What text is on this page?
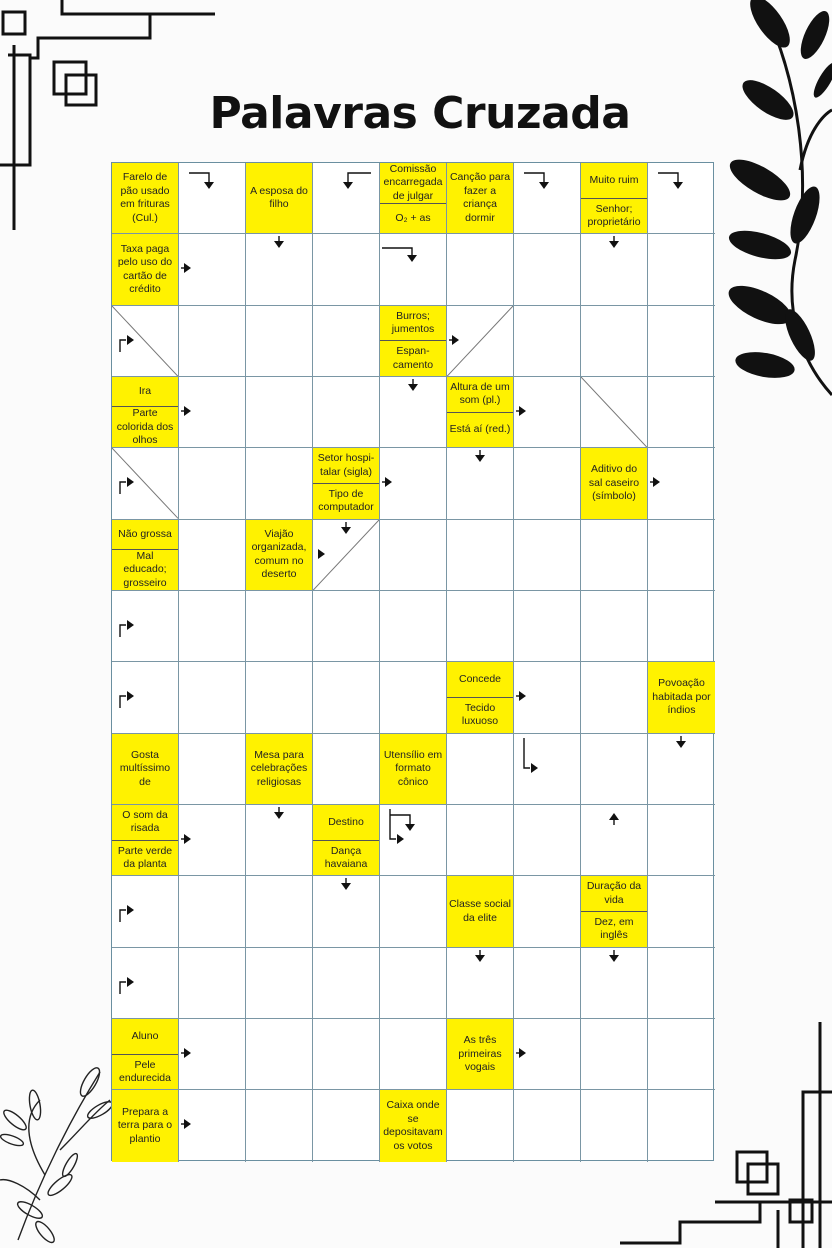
Palavras Cruzada
Farelo de pão usado em frituras (Cul.)
A esposa do filho
Comissão encarregada de julgar
O₂ + as
Canção para fazer a criança dormir
Muito ruim
Senhor; proprietário
Taxa paga pelo uso do cartão de crédito
Burros; jumentos
Espan-camento
Ira
Parte colorida dos olhos
Altura de um som (pl.)
Está aí (red.)
Setor hospi-talar (sigla)
Tipo de computador
Aditivo do sal caseiro (símbolo)
Não grossa
Mal educado; grosseiro
Viajão organizada, comum no deserto
Concede
Tecido luxuoso
Povoação habitada por índios
Gosta multíssimo de
Mesa para celebrações religiosas
Utensílio em formato cônico
O som da risada
Parte verde da planta
Destino
Dança havaiana
Classe social da elite
Duração da vida
Dez, em inglês
Aluno
Pele endurecida
As três primeiras vogais
Prepara a terra para o plantio
Caixa onde se depositavam os votos
